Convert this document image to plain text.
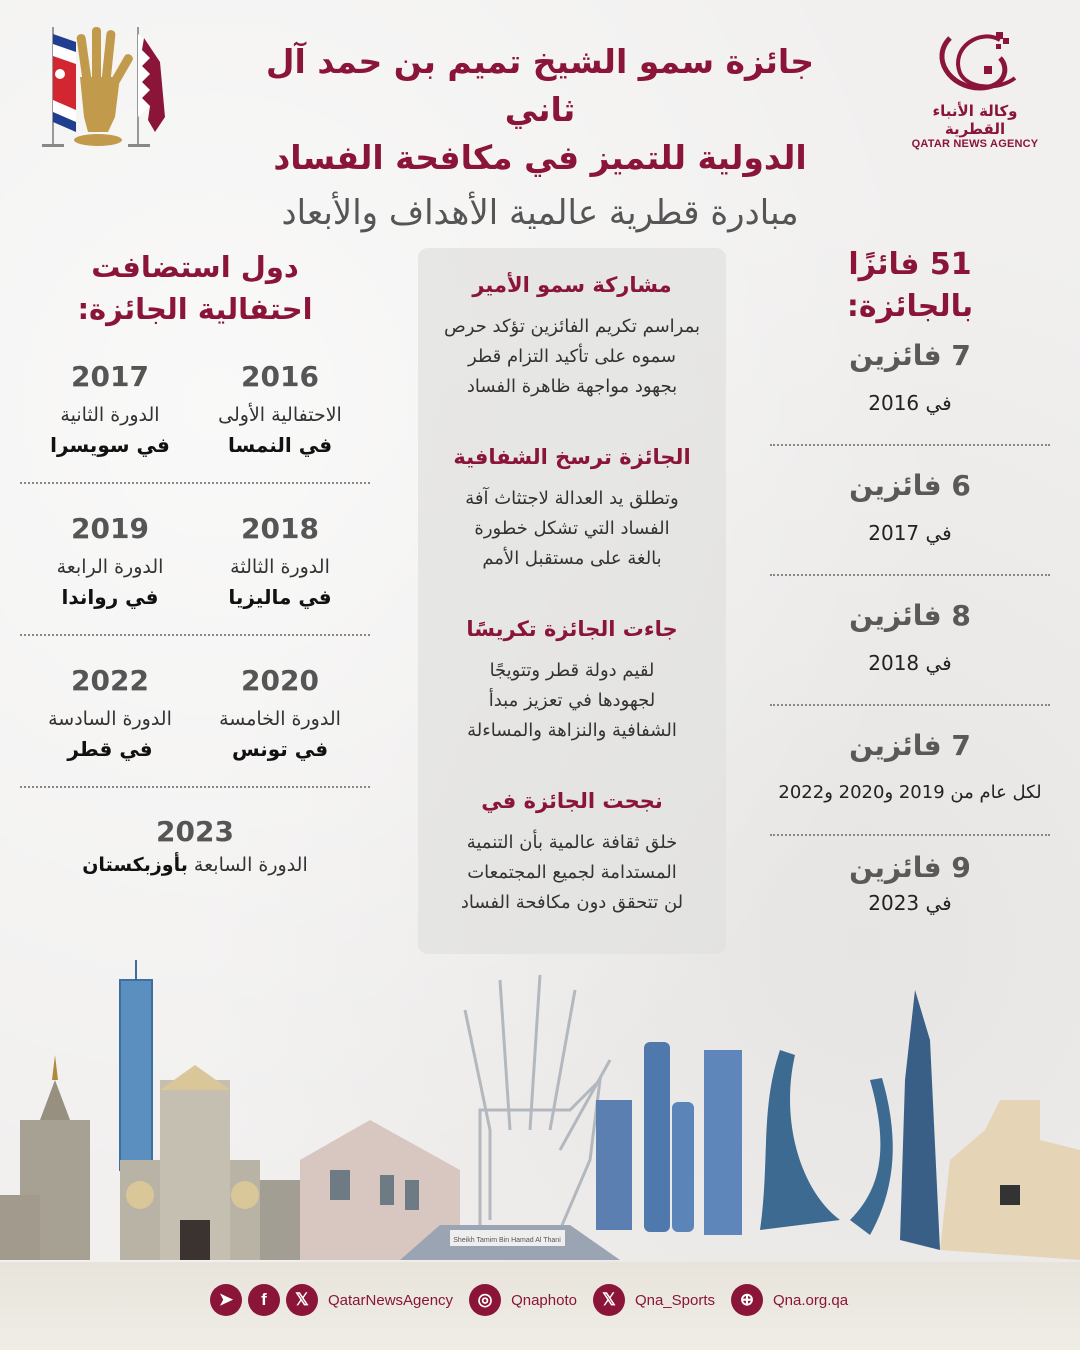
وكالة الأنباء القطرية
QATAR NEWS AGENCY
جائزة سمو الشيخ تميم بن حمد آل ثاني
الدولية للتميز في مكافحة الفساد
مبادرة قطرية عالمية الأهداف والأبعاد
51 فائزًا
بالجائزة:
7 فائزين
في 2016
6 فائزين
في 2017
8 فائزين
في 2018
7 فائزين
لكل عام من 2019 و2020 و2022
9 فائزين
في 2023
مشاركة سمو الأمير
بمراسم تكريم الفائزين تؤكد حرص
سموه على تأكيد التزام قطر
بجهود مواجهة ظاهرة الفساد
الجائزة ترسخ الشفافية
وتطلق يد العدالة لاجتثاث آفة
الفساد التي تشكل خطورة
بالغة على مستقبل الأمم
جاءت الجائزة تكريسًا
لقيم دولة قطر وتتويجًا
لجهودها في تعزيز مبدأ
الشفافية والنزاهة والمساءلة
نجحت الجائزة في
خلق ثقافة عالمية بأن التنمية
المستدامة لجميع المجتمعات
لن تتحقق دون مكافحة الفساد
دول استضافت
احتفالية الجائزة:
2016
الاحتفالية الأولى
في النمسا
2017
الدورة الثانية
في سويسرا
2018
الدورة الثالثة
في ماليزيا
2019
الدورة الرابعة
في رواندا
2020
الدورة الخامسة
في تونس
2022
الدورة السادسة
في قطر
2023
الدورة السابعة بأوزبكستان
Sheikh Tamim Bin Hamad Al Thani
➤	f	𝕏	QatarNewsAgency	◎	Qnaphoto	𝕏	Qna_Sports	⊕	Qna.org.qa
